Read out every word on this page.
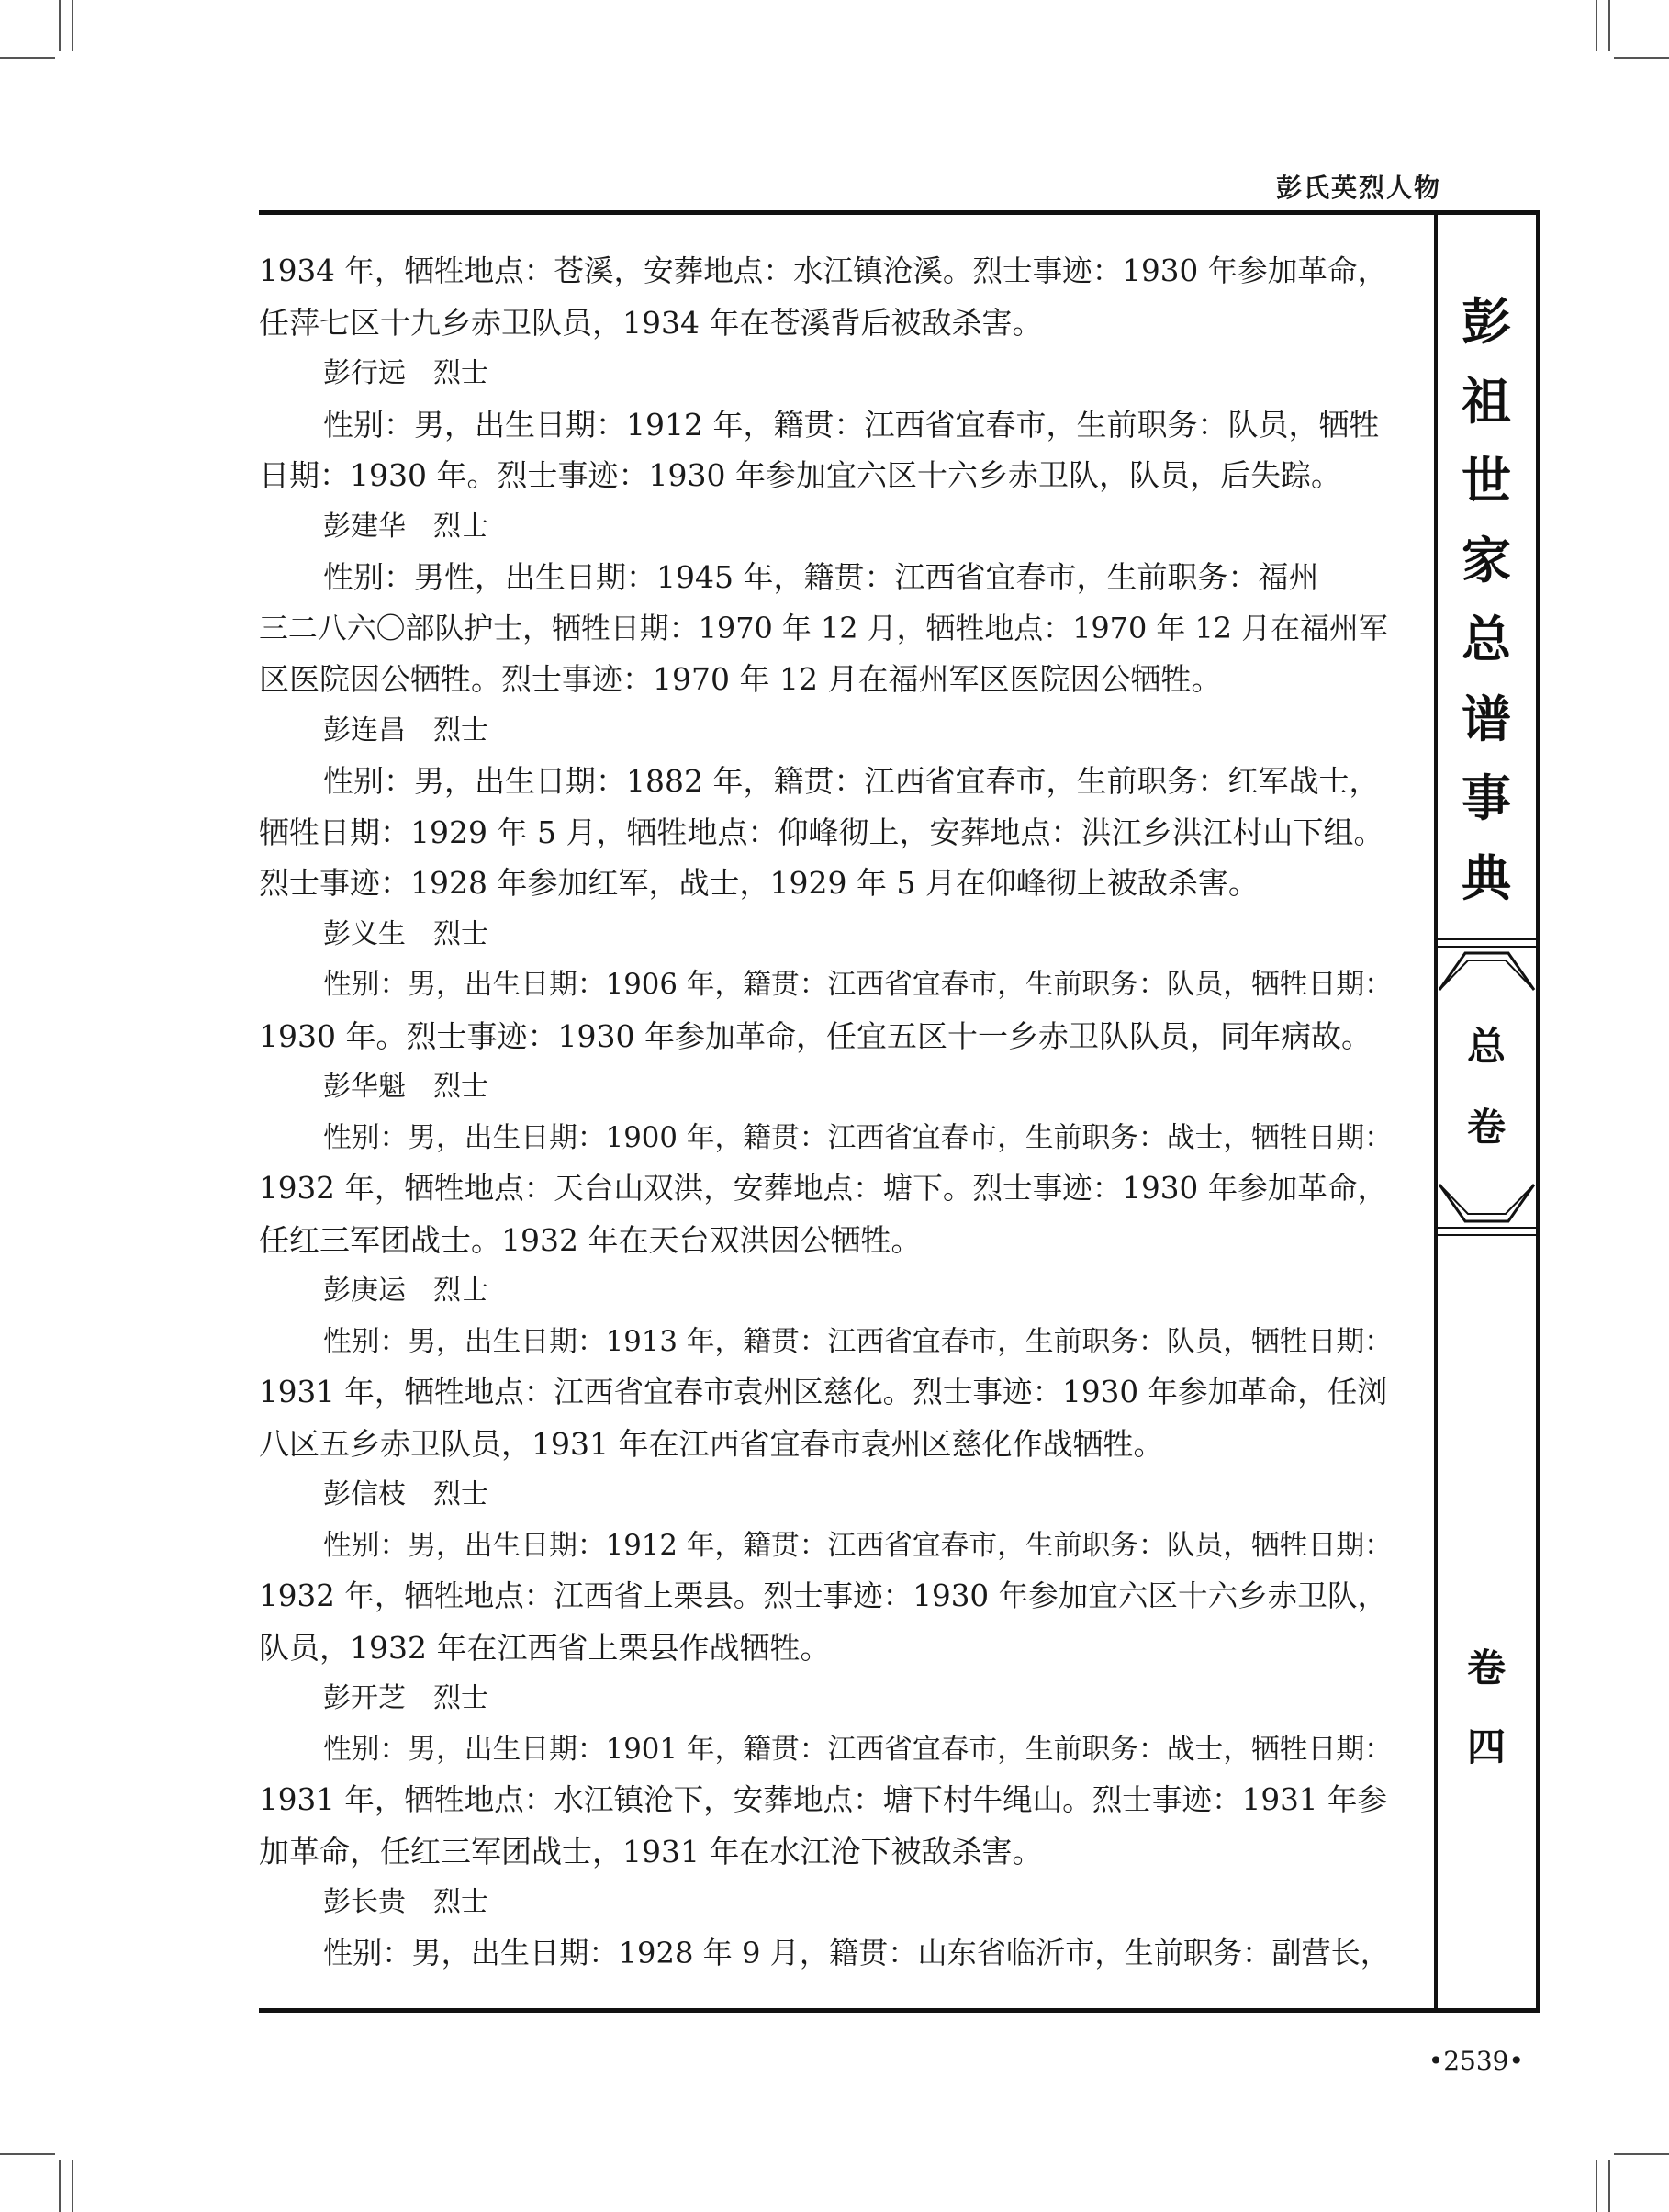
彭氏英烈人物
彭
祖
世
家
总
谱
事
典
总
卷
卷
四

1934 年，牺牲地点：苍溪，安葬地点：水江镇沧溪。烈士事迹：1930 年参加革命，

任萍七区十九乡赤卫队员，1934 年在苍溪背后被敌杀害。

彭行远　烈士

性别：男，出生日期：1912 年，籍贯：江西省宜春市，生前职务：队员，牺牲

日期：1930 年。烈士事迹：1930 年参加宜六区十六乡赤卫队，队员，后失踪。

彭建华　烈士

性别：男性，出生日期：1945 年，籍贯：江西省宜春市，生前职务：福州

三二八六〇部队护士，牺牲日期：1970 年 12 月，牺牲地点：1970 年 12 月在福州军

区医院因公牺牲。烈士事迹：1970 年 12 月在福州军区医院因公牺牲。

彭连昌　烈士

性别：男，出生日期：1882 年，籍贯：江西省宜春市，生前职务：红军战士，

牺牲日期：1929 年 5 月，牺牲地点：仰峰彻上，安葬地点：洪江乡洪江村山下组。

烈士事迹：1928 年参加红军，战士，1929 年 5 月在仰峰彻上被敌杀害。

彭义生　烈士

性别：男，出生日期：1906 年，籍贯：江西省宜春市，生前职务：队员，牺牲日期：

1930 年。烈士事迹：1930 年参加革命，任宜五区十一乡赤卫队队员，同年病故。

彭华魁　烈士

性别：男，出生日期：1900 年，籍贯：江西省宜春市，生前职务：战士，牺牲日期：

1932 年，牺牲地点：天台山双洪，安葬地点：塘下。烈士事迹：1930 年参加革命，

任红三军团战士。1932 年在天台双洪因公牺牲。

彭庚运　烈士

性别：男，出生日期：1913 年，籍贯：江西省宜春市，生前职务：队员，牺牲日期：

1931 年，牺牲地点：江西省宜春市袁州区慈化。烈士事迹：1930 年参加革命，任浏

八区五乡赤卫队员，1931 年在江西省宜春市袁州区慈化作战牺牲。

彭信枝　烈士

性别：男，出生日期：1912 年，籍贯：江西省宜春市，生前职务：队员，牺牲日期：

1932 年，牺牲地点：江西省上栗县。烈士事迹：1930 年参加宜六区十六乡赤卫队，

队员，1932 年在江西省上栗县作战牺牲。

彭开芝　烈士

性别：男，出生日期：1901 年，籍贯：江西省宜春市，生前职务：战士，牺牲日期：

1931 年，牺牲地点：水江镇沧下，安葬地点：塘下村牛绳山。烈士事迹：1931 年参

加革命，任红三军团战士，1931 年在水江沧下被敌杀害。

彭长贵　烈士

性别：男，出生日期：1928 年 9 月，籍贯：山东省临沂市，生前职务：副营长，

•2539•
